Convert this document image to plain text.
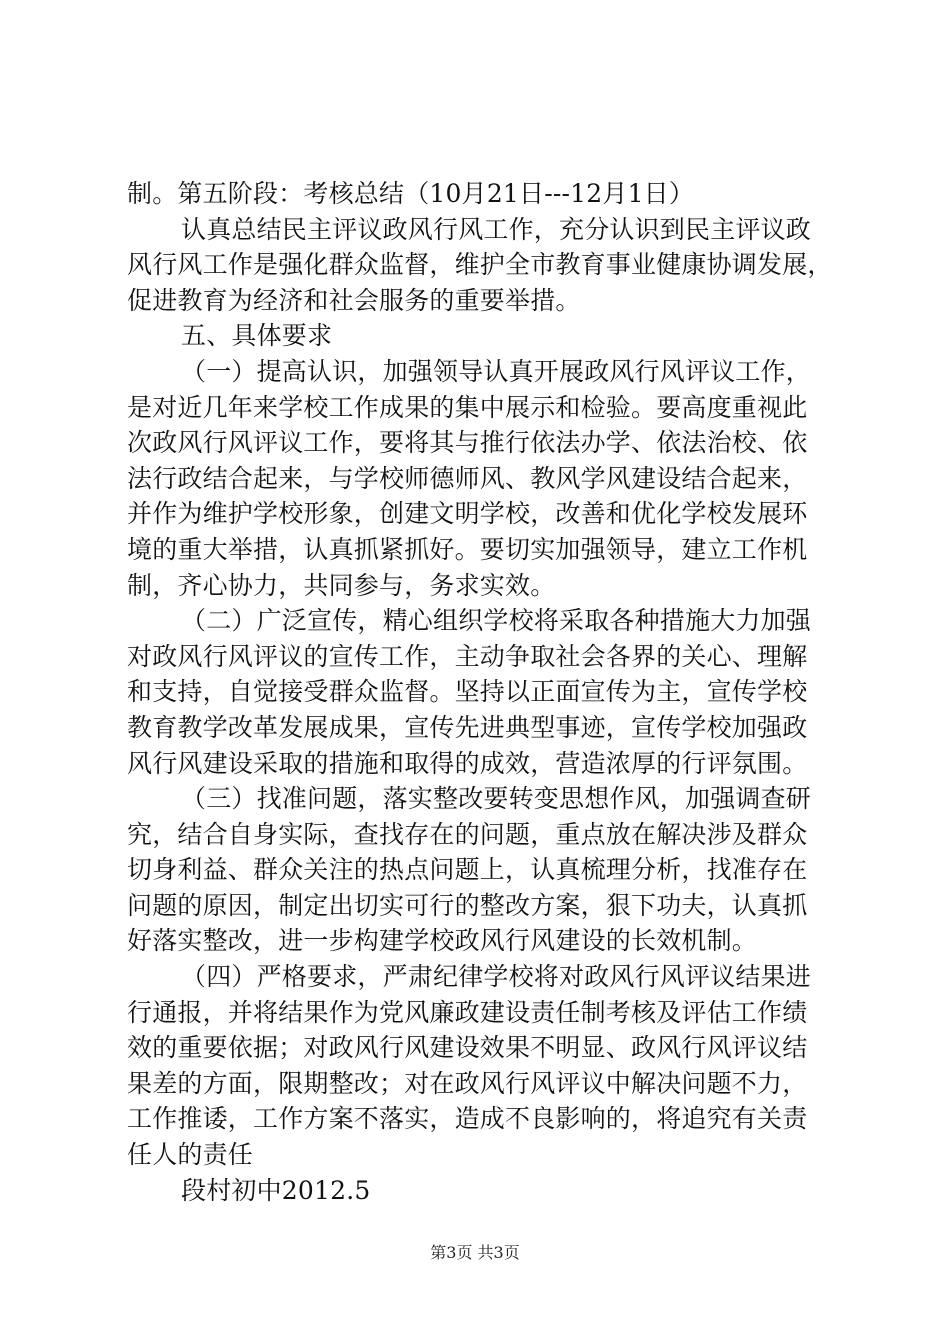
制。第五阶段：考核总结（10月21日---12月1日）
认真总结民主评议政风行风工作，充分认识到民主评议政
风行风工作是强化群众监督，维护全市教育事业健康协调发展，
促进教育为经济和社会服务的重要举措。
五、具体要求
（一）提高认识，加强领导认真开展政风行风评议工作，
是对近几年来学校工作成果的集中展示和检验。要高度重视此
次政风行风评议工作，要将其与推行依法办学、依法治校、依
法行政结合起来，与学校师德师风、教风学风建设结合起来，
并作为维护学校形象，创建文明学校，改善和优化学校发展环
境的重大举措，认真抓紧抓好。要切实加强领导，建立工作机
制，齐心协力，共同参与，务求实效。
（二）广泛宣传，精心组织学校将采取各种措施大力加强
对政风行风评议的宣传工作，主动争取社会各界的关心、理解
和支持，自觉接受群众监督。坚持以正面宣传为主，宣传学校
教育教学改革发展成果，宣传先进典型事迹，宣传学校加强政
风行风建设采取的措施和取得的成效，营造浓厚的行评氛围。
（三）找准问题，落实整改要转变思想作风，加强调查研
究，结合自身实际，查找存在的问题，重点放在解决涉及群众
切身利益、群众关注的热点问题上，认真梳理分析，找准存在
问题的原因，制定出切实可行的整改方案，狠下功夫，认真抓
好落实整改，进一步构建学校政风行风建设的长效机制。
（四）严格要求，严肃纪律学校将对政风行风评议结果进
行通报，并将结果作为党风廉政建设责任制考核及评估工作绩
效的重要依据；对政风行风建设效果不明显、政风行风评议结
果差的方面，限期整改；对在政风行风评议中解决问题不力，
工作推诿，工作方案不落实，造成不良影响的，将追究有关责
任人的责任
段村初中2012.5
第3页 共3页
